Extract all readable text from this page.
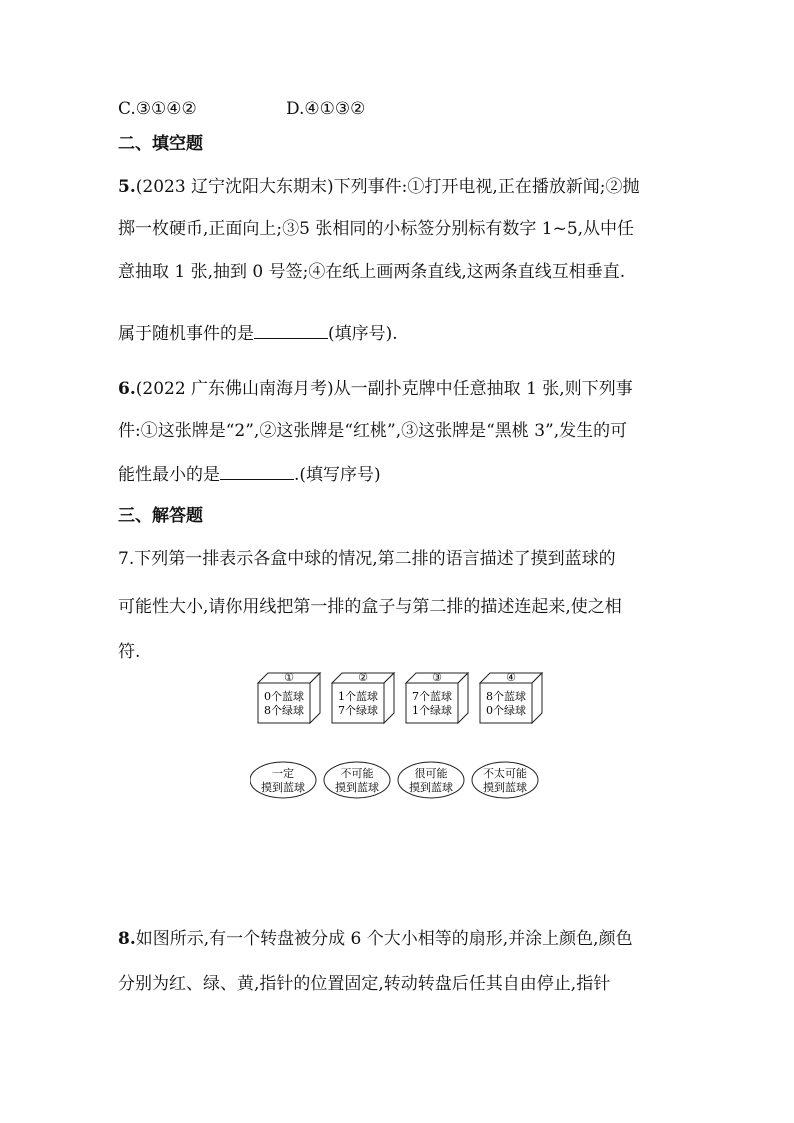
C.③①④②	D.④①③②
二、填空题
5.(2023 辽宁沈阳大东期末)下列事件:①打开电视,正在播放新闻;②抛
掷一枚硬币,正面向上;③5 张相同的小标签分别标有数字 1~5,从中任
意抽取 1 张,抽到 0 号签;④在纸上画两条直线,这两条直线互相垂直.
属于随机事件的是	(填序号).
6.(2022 广东佛山南海月考)从一副扑克牌中任意抽取 1 张,则下列事
件:①这张牌是“2”,②这张牌是“红桃”,③这张牌是“黑桃 3”,发生的可
能性最小的是	.(填写序号)
三、解答题
7.下列第一排表示各盒中球的情况,第二排的语言描述了摸到蓝球的
可能性大小,请你用线把第一排的盒子与第二排的描述连起来,使之相
符.
①
0个蓝球
8个绿球
②
1个蓝球
7个绿球
③
7个蓝球
1个绿球
④
8个蓝球
0个绿球
一定
摸到蓝球
不可能
摸到蓝球
很可能
摸到蓝球
不太可能
摸到蓝球
8.如图所示,有一个转盘被分成 6 个大小相等的扇形,并涂上颜色,颜色
分别为红、绿、黄,指针的位置固定,转动转盘后任其自由停止,指针
